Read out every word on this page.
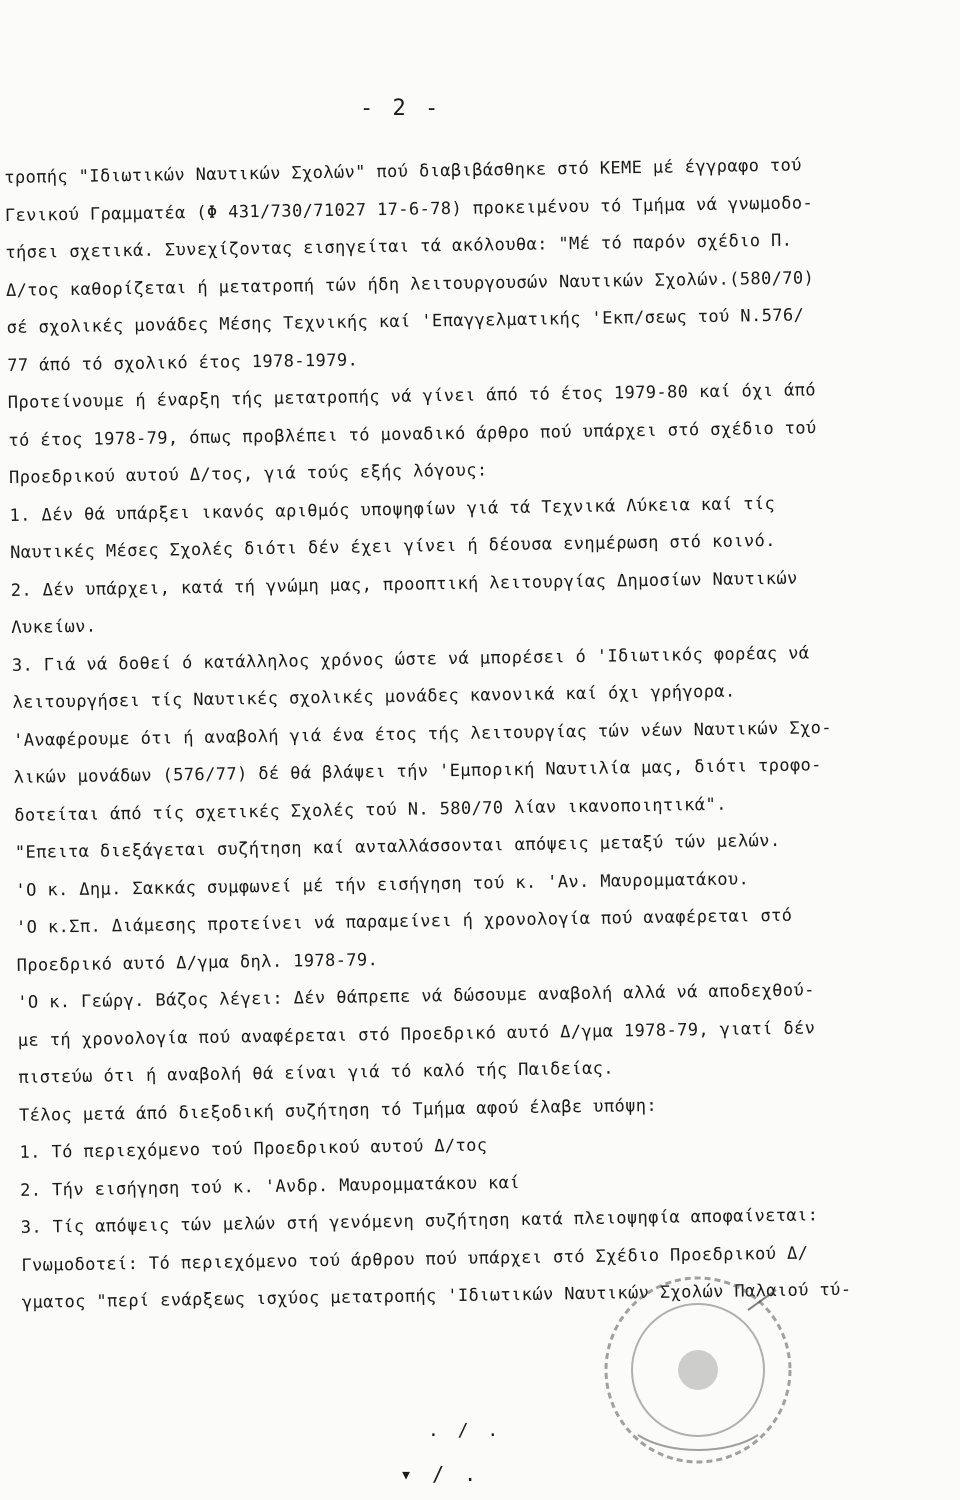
- 2 -
τροπής "Ιδιωτικών Ναυτικών Σχολών" πού διαβιβάσθηκε στό ΚΕΜΕ μέ έγγραφο τού
Γενικού Γραμματέα (Φ 431/730/71027 17-6-78) προκειμένου τό Τμήμα νά γνωμοδο-
τήσει σχετικά. Συνεχίζοντας εισηγείται τά ακόλουθα: "Μέ τό παρόν σχέδιο Π.
Δ/τος καθορίζεται ή μετατροπή τών ήδη λειτουργουσών Ναυτικών Σχολών.(580/70)
σέ σχολικές μονάδες Μέσης Τεχνικής καί 'Επαγγελματικής 'Εκπ/σεως τού Ν.576/
77 άπό τό σχολικό έτος 1978-1979.
Προτείνουμε ή έναρξη τής μετατροπής νά γίνει άπό τό έτος 1979-80 καί όχι άπό
τό έτος 1978-79, όπως προβλέπει τό μοναδικό άρθρο πού υπάρχει στό σχέδιο τού
Προεδρικού αυτού Δ/τος, γιά τούς εξής λόγους:
1. Δέν θά υπάρξει ικανός αριθμός υποψηφίων γιά τά Τεχνικά Λύκεια καί τίς
Ναυτικές Μέσες Σχολές διότι δέν έχει γίνει ή δέουσα ενημέρωση στό κοινό.
2. Δέν υπάρχει, κατά τή γνώμη μας, προοπτική λειτουργίας Δημοσίων Ναυτικών
Λυκείων.
3. Γιά νά δοθεί ό κατάλληλος χρόνος ώστε νά μπορέσει ό 'Ιδιωτικός φορέας νά
λειτουργήσει τίς Ναυτικές σχολικές μονάδες κανονικά καί όχι γρήγορα.
'Αναφέρουμε ότι ή αναβολή γιά ένα έτος τής λειτουργίας τών νέων Ναυτικών Σχο-
λικών μονάδων (576/77) δέ θά βλάψει τήν 'Εμπορική Ναυτιλία μας, διότι τροφο-
δοτείται άπό τίς σχετικές Σχολές τού Ν. 580/70 λίαν ικανοποιητικά".
"Επειτα διεξάγεται συζήτηση καί ανταλλάσσονται απόψεις μεταξύ τών μελών.
'Ο κ. Δημ. Σακκάς συμφωνεί μέ τήν εισήγηση τού κ. 'Αν. Μαυρομματάκου.
'Ο κ.Σπ. Διάμεσης προτείνει νά παραμείνει ή χρονολογία πού αναφέρεται στό
Προεδρικό αυτό Δ/γμα δηλ. 1978-79.
'Ο κ. Γεώργ. Βάζος λέγει: Δέν θάπρεπε νά δώσουμε αναβολή αλλά νά αποδεχθού-
με τή χρονολογία πού αναφέρεται στό Προεδρικό αυτό Δ/γμα 1978-79, γιατί δέν
πιστεύω ότι ή αναβολή θά είναι γιά τό καλό τής Παιδείας.
Τέλος μετά άπό διεξοδική συζήτηση τό Τμήμα αφού έλαβε υπόψη:
1. Τό περιεχόμενο τού Προεδρικού αυτού Δ/τος
2. Τήν εισήγηση τού κ. 'Ανδρ. Μαυρομματάκου καί
3. Τίς απόψεις τών μελών στή γενόμενη συζήτηση κατά πλειοψηφία αποφαίνεται:
Γνωμοδοτεί: Τό περιεχόμενο τού άρθρου πού υπάρχει στό Σχέδιο Προεδρικού Δ/
γματος "περί ενάρξεως ισχύος μετατροπής 'Ιδιωτικών Ναυτικών Σχολών Παλαιού τύ-
. / .
▾ / .
